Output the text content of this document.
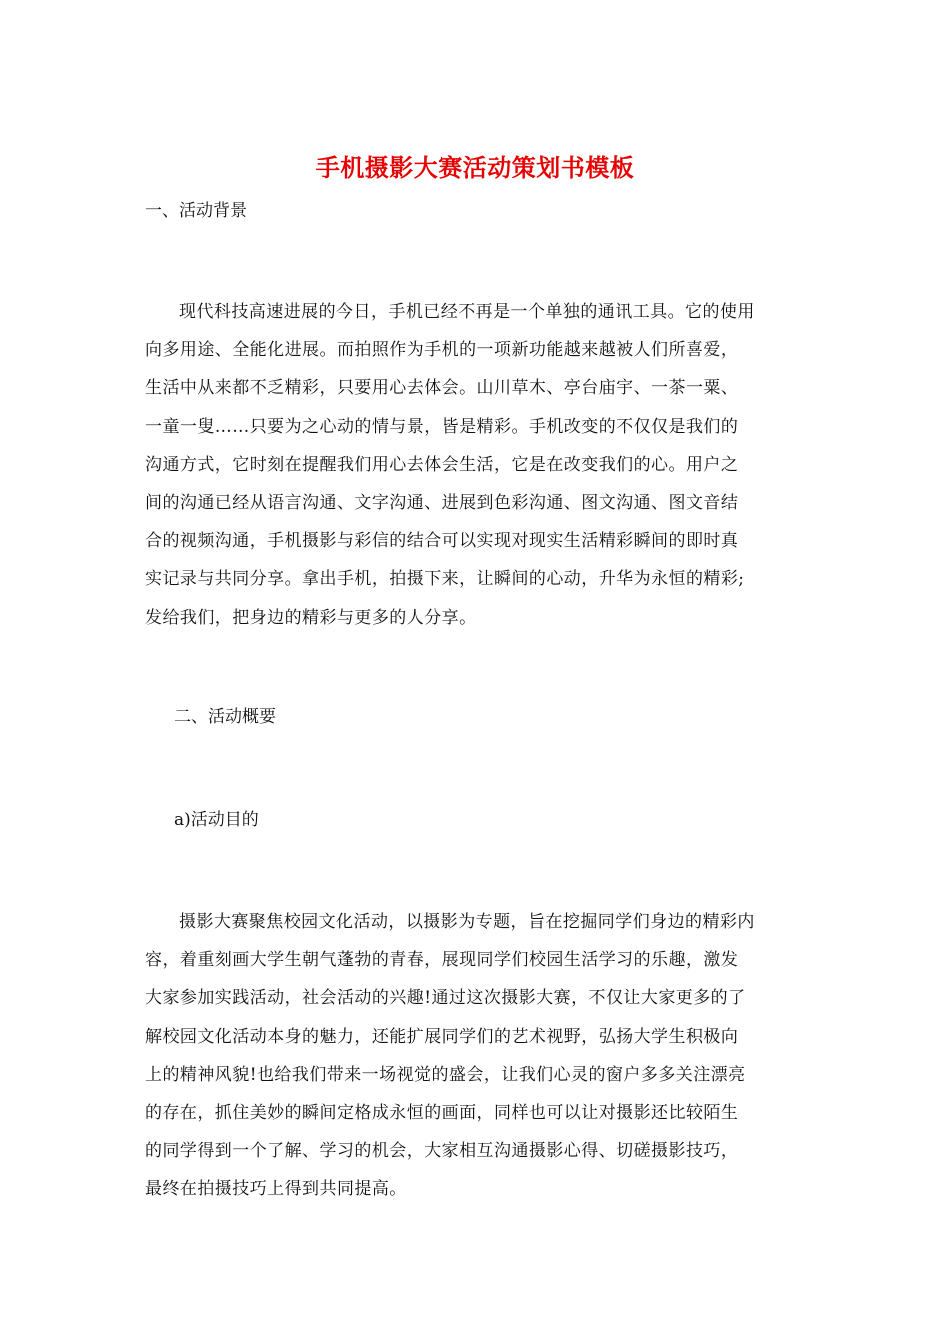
手机摄影大赛活动策划书模板
一、活动背景
现代科技高速进展的今日，手机已经不再是一个单独的通讯工具。它的使用
向多用途、全能化进展。而拍照作为手机的一项新功能越来越被人们所喜爱，
生活中从来都不乏精彩，只要用心去体会。山川草木、亭台庙宇、一茶一粟、
一童一叟……只要为之心动的情与景，皆是精彩。手机改变的不仅仅是我们的
沟通方式，它时刻在提醒我们用心去体会生活，它是在改变我们的心。用户之
间的沟通已经从语言沟通、文字沟通、进展到色彩沟通、图文沟通、图文音结
合的视频沟通，手机摄影与彩信的结合可以实现对现实生活精彩瞬间的即时真
实记录与共同分享。拿出手机，拍摄下来，让瞬间的心动，升华为永恒的精彩;
发给我们，把身边的精彩与更多的人分享。
二、活动概要
a)活动目的
摄影大赛聚焦校园文化活动，以摄影为专题，旨在挖掘同学们身边的精彩内
容，着重刻画大学生朝气蓬勃的青春，展现同学们校园生活学习的乐趣，激发
大家参加实践活动，社会活动的兴趣!通过这次摄影大赛，不仅让大家更多的了
解校园文化活动本身的魅力，还能扩展同学们的艺术视野，弘扬大学生积极向
上的精神风貌!也给我们带来一场视觉的盛会，让我们心灵的窗户多多关注漂亮
的存在，抓住美妙的瞬间定格成永恒的画面，同样也可以让对摄影还比较陌生
的同学得到一个了解、学习的机会，大家相互沟通摄影心得、切磋摄影技巧，
最终在拍摄技巧上得到共同提高。
